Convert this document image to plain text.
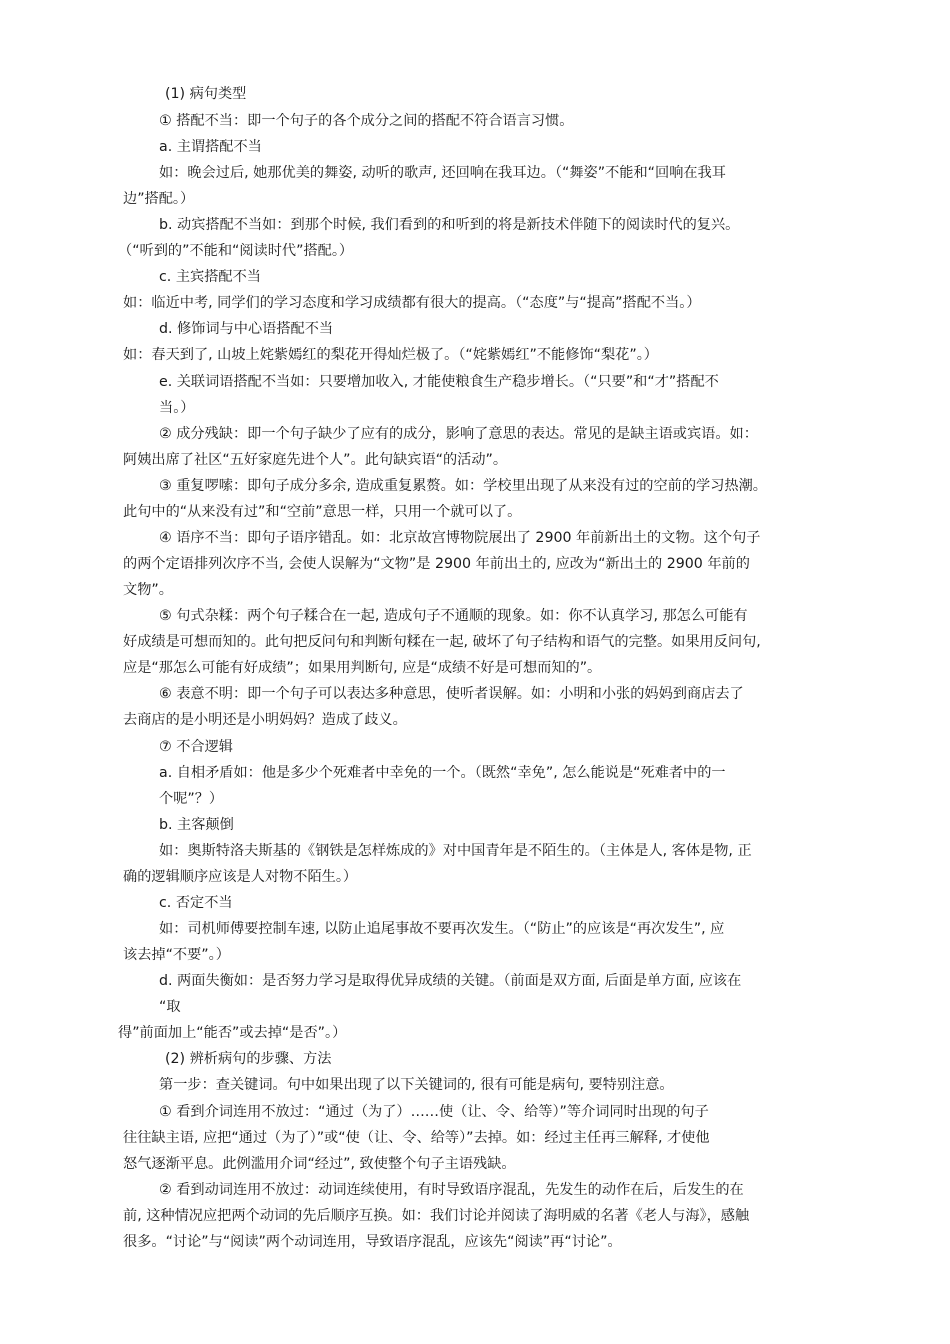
(1) 病句类型

① 搭配不当：即一个句子的各个成分之间的搭配不符合语言习惯。

a. 主谓搭配不当

如：晚会过后, 她那优美的舞姿, 动听的歌声, 还回响在我耳边。（“舞姿”不能和“回响在我耳

边”搭配。）

b. 动宾搭配不当如：到那个时候, 我们看到的和听到的将是新技术伴随下的阅读时代的复兴。

（“听到的”不能和“阅读时代”搭配。）

c. 主宾搭配不当

如：临近中考, 同学们的学习态度和学习成绩都有很大的提高。（“态度”与“提高”搭配不当。）

d. 修饰词与中心语搭配不当

如：春天到了, 山坡上姹紫嫣红的梨花开得灿烂极了。（“姹紫嫣红”不能修饰“梨花”。）

e. 关联词语搭配不当如：只要增加收入, 才能使粮食生产稳步增长。（“只要”和“才”搭配不

当。）

② 成分残缺：即一个句子缺少了应有的成分，影响了意思的表达。常见的是缺主语或宾语。如：

阿姨出席了社区“五好家庭先进个人”。此句缺宾语“的活动”。

③ 重复啰嗦：即句子成分多余, 造成重复累赘。如：学校里出现了从来没有过的空前的学习热潮。

此句中的“从来没有过”和“空前”意思一样，只用一个就可以了。

④ 语序不当：即句子语序错乱。如：北京故宫博物院展出了 2900 年前新出土的文物。这个句子

的两个定语排列次序不当, 会使人误解为“文物”是 2900 年前出土的, 应改为“新出土的 2900 年前的

文物”。

⑤ 句式杂糅：两个句子糅合在一起, 造成句子不通顺的现象。如：你不认真学习, 那怎么可能有

好成绩是可想而知的。此句把反问句和判断句糅在一起, 破坏了句子结构和语气的完整。如果用反问句,

应是“那怎么可能有好成绩”；如果用判断句, 应是“成绩不好是可想而知的”。

⑥ 表意不明：即一个句子可以表达多种意思，使听者误解。如：小明和小张的妈妈到商店去了

去商店的是小明还是小明妈妈？造成了歧义。

⑦ 不合逻辑

a. 自相矛盾如：他是多少个死难者中幸免的一个。（既然“幸免”, 怎么能说是“死难者中的一

个呢”？）

b. 主客颠倒

如：奥斯特洛夫斯基的《钢铁是怎样炼成的》对中国青年是不陌生的。（主体是人, 客体是物, 正

确的逻辑顺序应该是人对物不陌生。）

c. 否定不当

如：司机师傅要控制车速, 以防止追尾事故不要再次发生。（“防止”的应该是“再次发生”, 应

该去掉“不要”。）

d. 两面失衡如：是否努力学习是取得优异成绩的关键。（前面是双方面, 后面是单方面, 应该在

“取

得”前面加上“能否”或去掉“是否”。）

(2) 辨析病句的步骤、方法

第一步：查关键词。句中如果出现了以下关键词的, 很有可能是病句, 要特别注意。

① 看到介词连用不放过：“通过（为了）……使（让、令、给等）”等介词同时出现的句子

往往缺主语, 应把“通过（为了）”或“使（让、令、给等）”去掉。如：经过主任再三解释, 才使他

怒气逐渐平息。此例滥用介词“经过”, 致使整个句子主语残缺。

② 看到动词连用不放过：动词连续使用，有时导致语序混乱，先发生的动作在后，后发生的在

前, 这种情况应把两个动词的先后顺序互换。如：我们讨论并阅读了海明威的名著《老人与海》，感触

很多。“讨论”与“阅读”两个动词连用，导致语序混乱，应该先“阅读”再“讨论”。
